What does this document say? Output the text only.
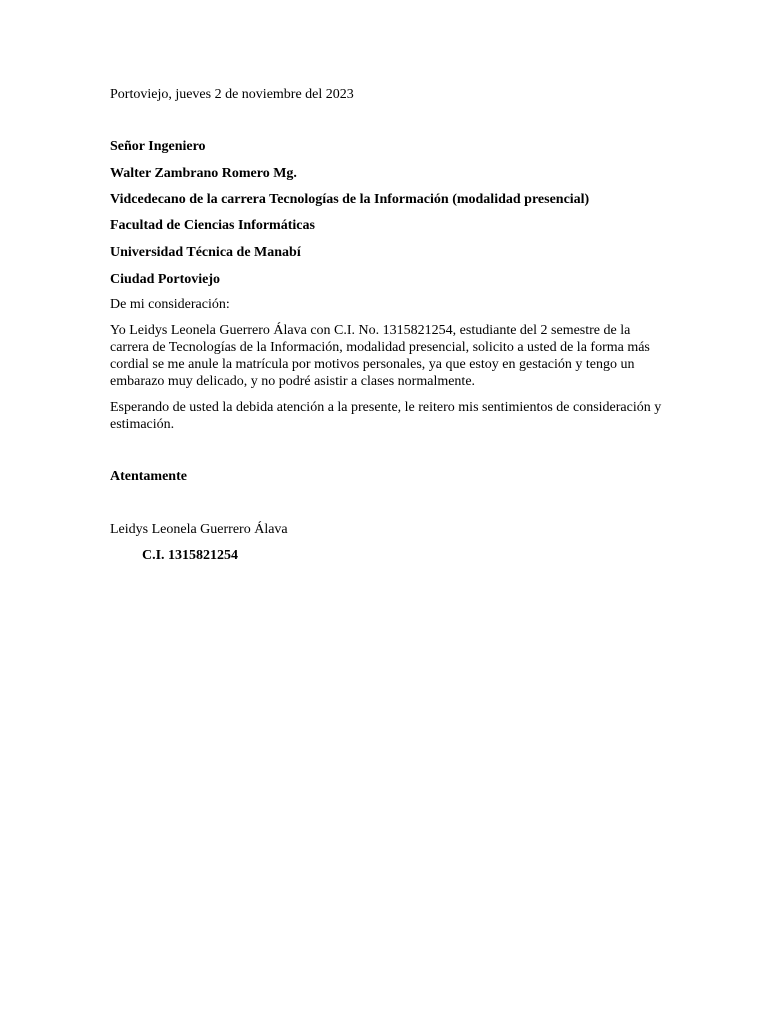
Portoviejo, jueves 2 de noviembre del 2023
Señor Ingeniero
Walter Zambrano Romero Mg.
Vidcedecano de la carrera Tecnologías de la Información (modalidad presencial)
Facultad de Ciencias Informáticas
Universidad Técnica de Manabí
Ciudad Portoviejo
De mi consideración:
Yo Leidys Leonela Guerrero Álava con C.I. No. 1315821254, estudiante del 2 semestre de la carrera de Tecnologías de la Información, modalidad presencial, solicito a usted de la forma más cordial se me anule la matrícula por motivos personales, ya que estoy en gestación y tengo un embarazo muy delicado, y no podré asistir a clases normalmente.
Esperando de usted la debida atención a la presente, le reitero mis sentimientos de consideración y estimación.
Atentamente
Leidys Leonela Guerrero Álava
C.I. 1315821254
